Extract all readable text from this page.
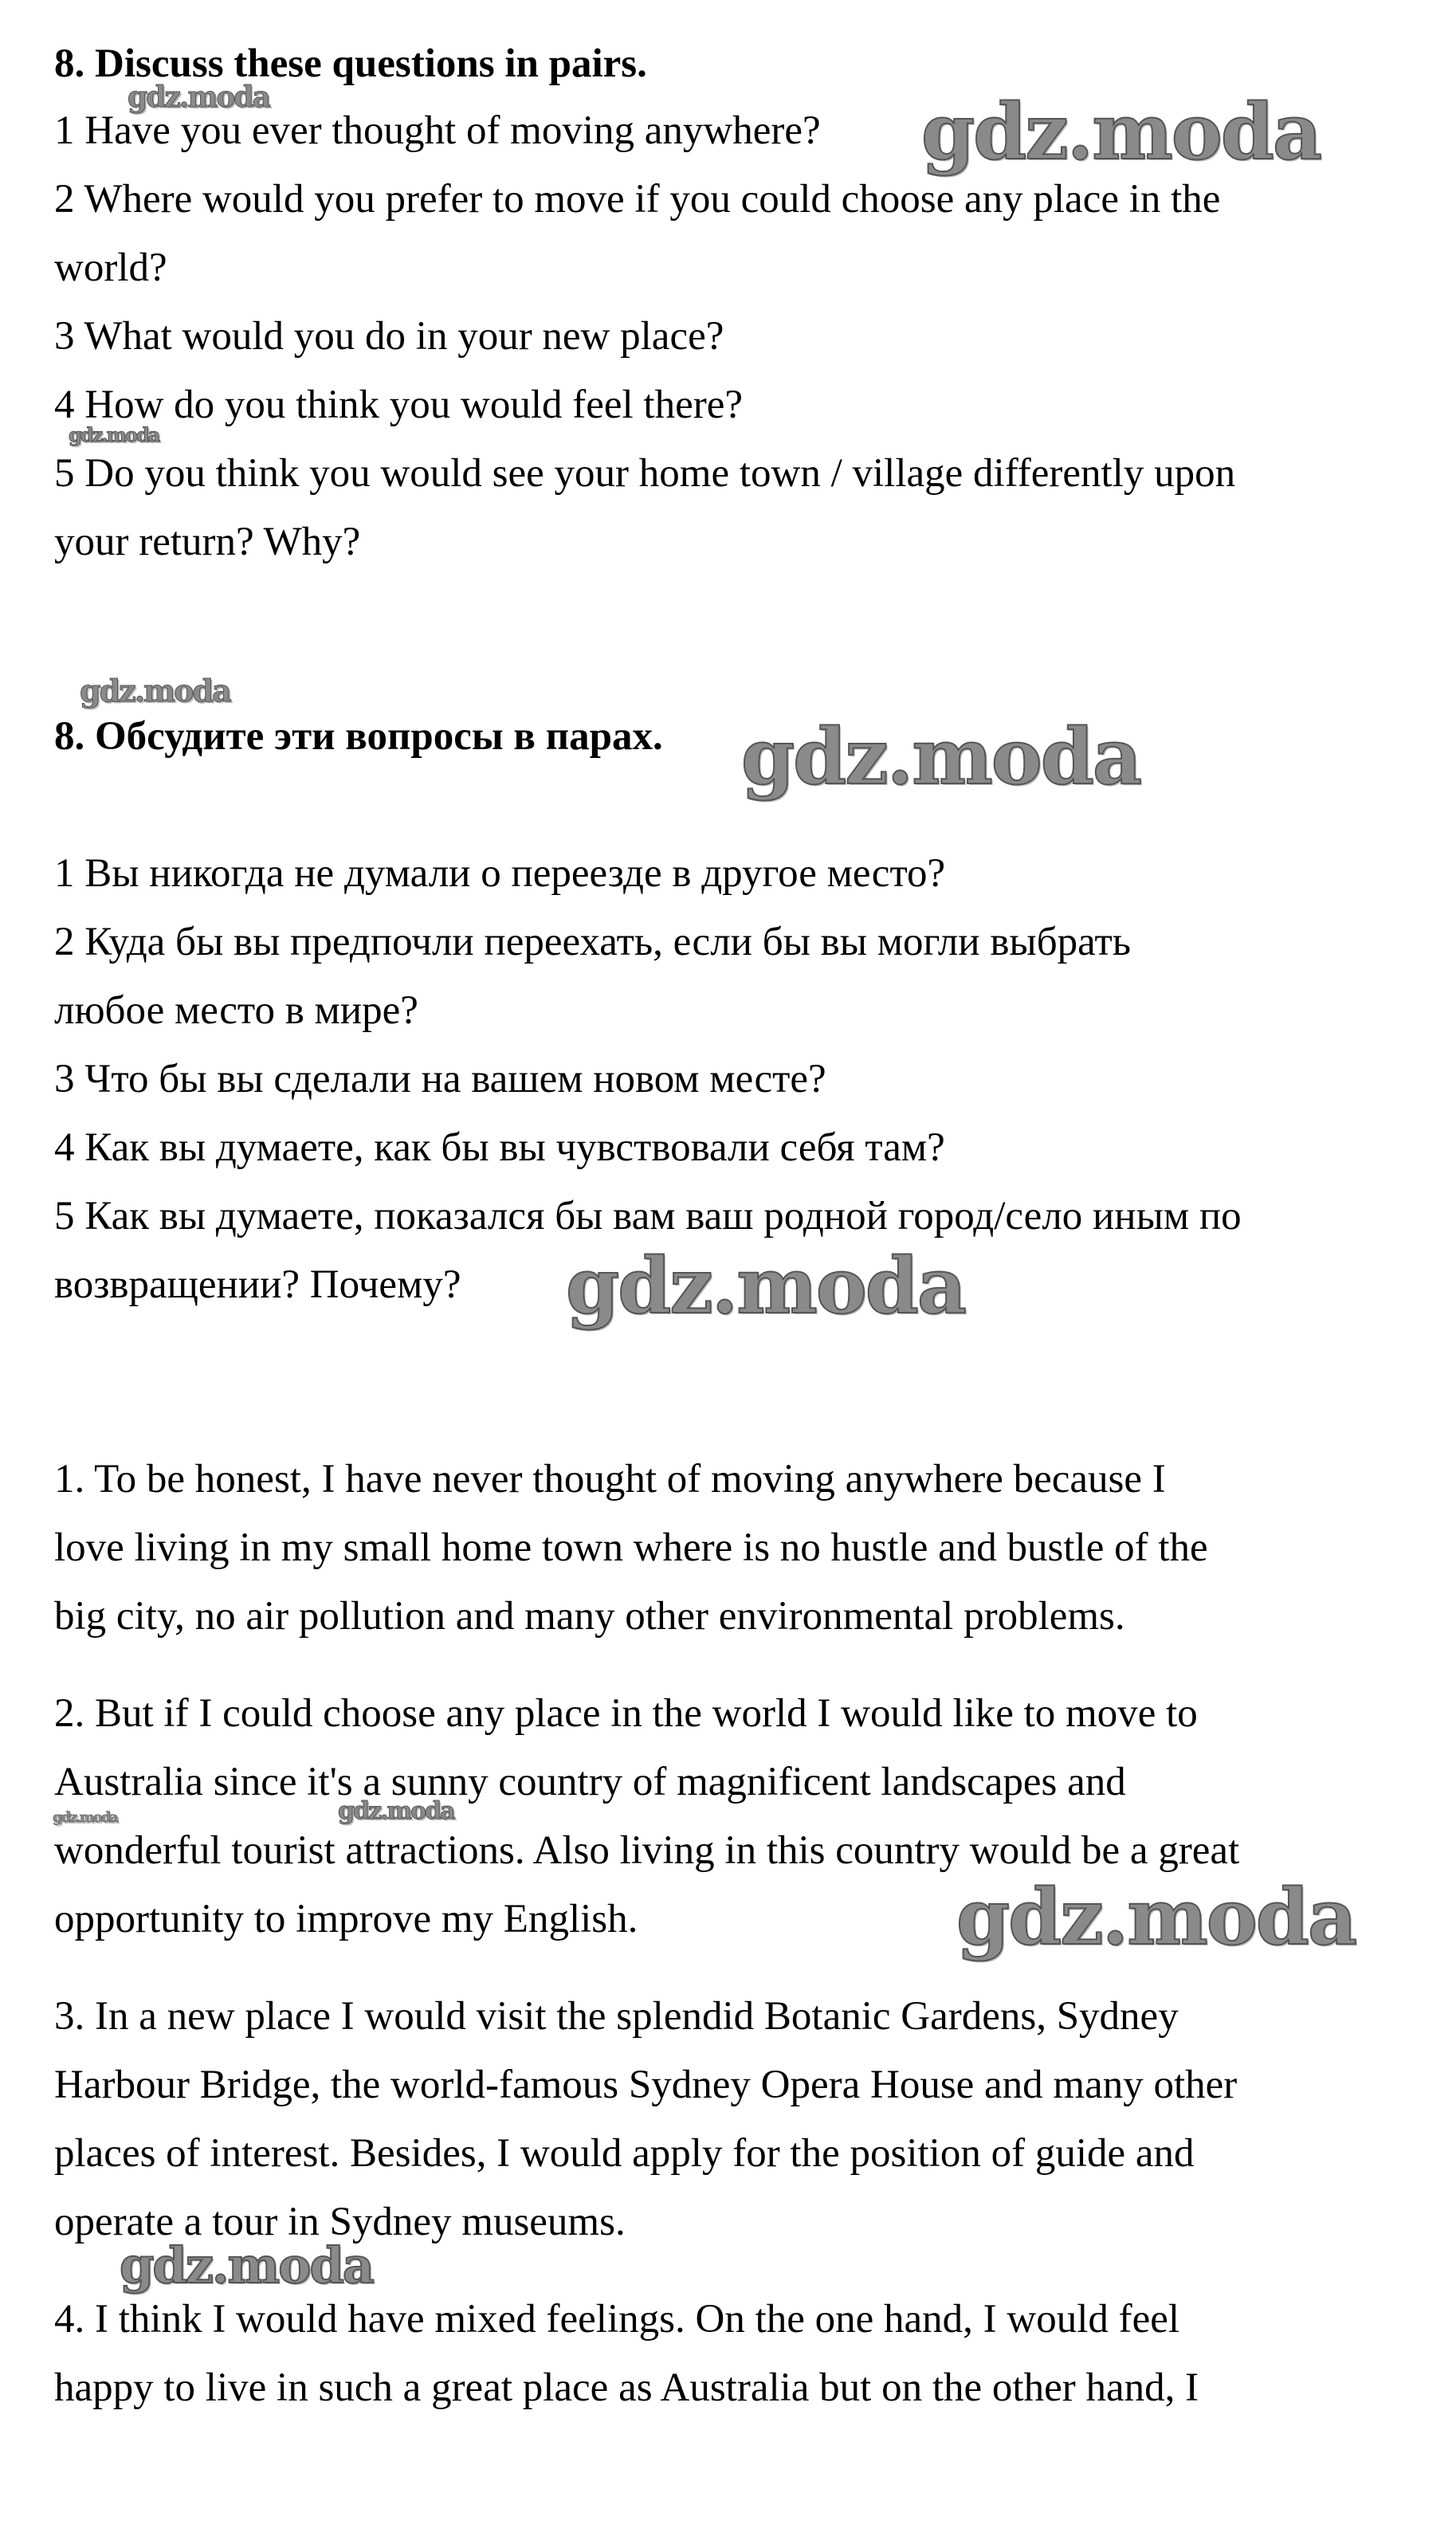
8. Discuss these questions in pairs.
1 Have you ever thought of moving anywhere?
2 Where would you prefer to move if you could choose any place in the
world?
3 What would you do in your new place?
4 How do you think you would feel there?
5 Do you think you would see your home town / village differently upon
your return? Why?
8. Обсудите эти вопросы в парах.
1 Вы никогда не думали о переезде в другое место?
2 Куда бы вы предпочли переехать, если бы вы могли выбрать
любое место в мире?
3 Что бы вы сделали на вашем новом месте?
4 Как вы думаете, как бы вы чувствовали себя там?
5 Как вы думаете, показался бы вам ваш родной город/село иным по
возвращении? Почему?
1. To be honest, I have never thought of moving anywhere because I
love living in my small home town where is no hustle and bustle of the
big city, no air pollution and many other environmental problems.
2. But if I could choose any place in the world I would like to move to
Australia since it's a sunny country of magnificent landscapes and
wonderful tourist attractions. Also living in this country would be a great
opportunity to improve my English.
3. In a new place I would visit the splendid Botanic Gardens, Sydney
Harbour Bridge, the world-famous Sydney Opera House and many other
places of interest. Besides, I would apply for the position of guide and
operate a tour in Sydney museums.
4. I think I would have mixed feelings. On the one hand, I would feel
happy to live in such a great place as Australia but on the other hand, I
gdz.moda
gdz.moda
gdz.moda
gdz.moda
gdz.moda
gdz.moda
gdz.moda	gdz.moda
gdz.moda
gdz.moda
